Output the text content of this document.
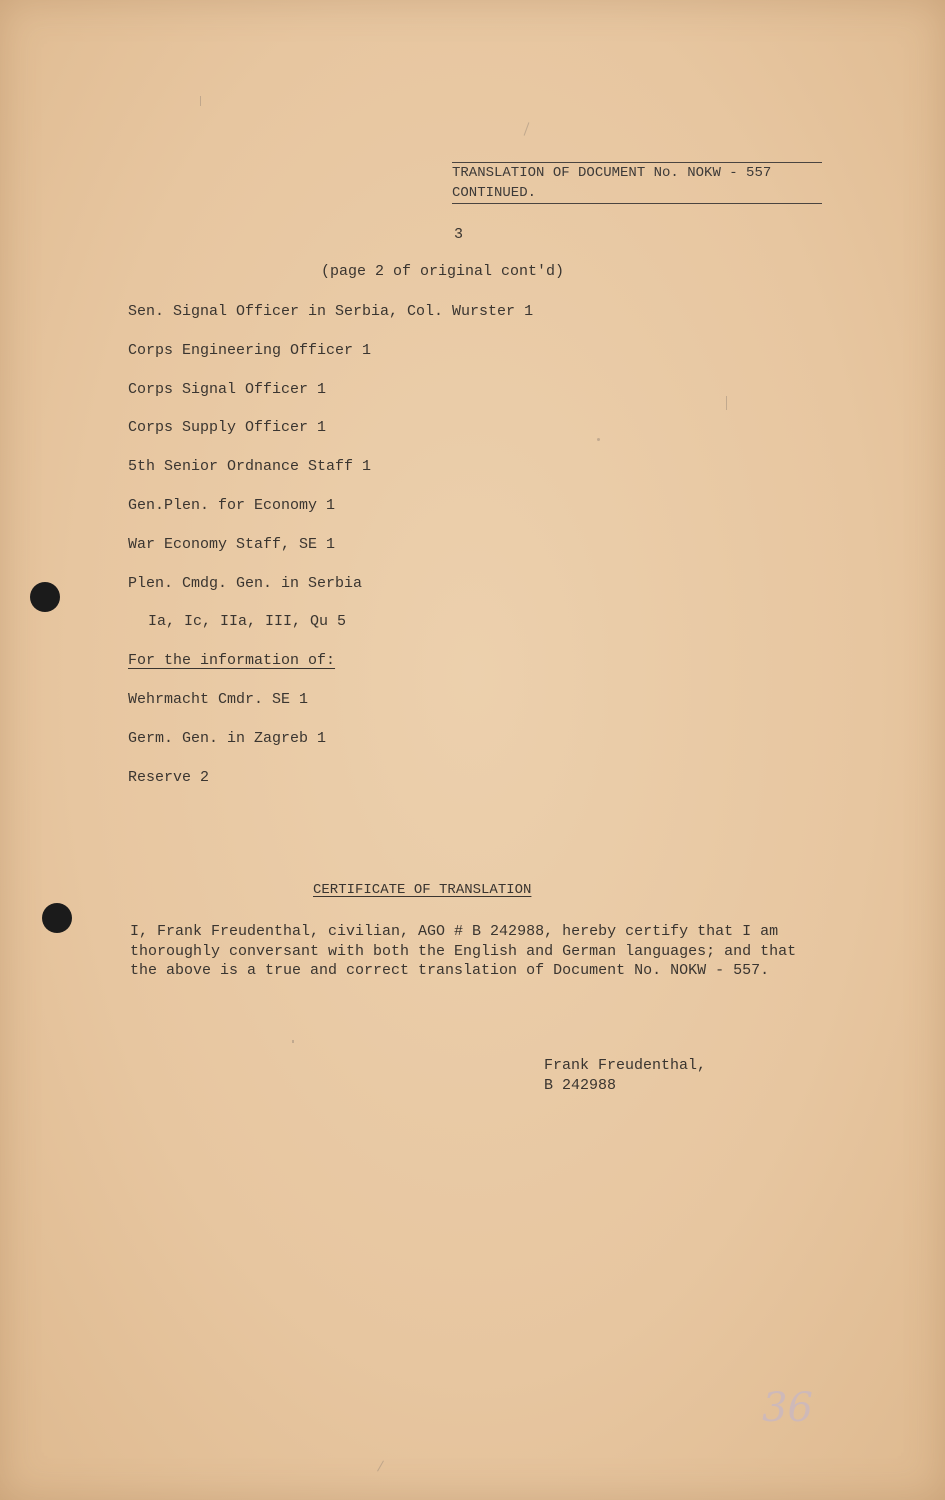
TRANSLATION OF DOCUMENT No. NOKW - 557
CONTINUED.
3
(page 2 of original cont'd)
Sen. Signal Officer in Serbia, Col. Wurster 1
Corps Engineering Officer 1
Corps Signal Officer 1
Corps Supply Officer 1
5th Senior Ordnance Staff 1
Gen.Plen. for Economy 1
War Economy Staff, SE 1
Plen. Cmdg. Gen. in Serbia
Ia, Ic, IIa, III, Qu 5
For the information of:
Wehrmacht Cmdr. SE 1
Germ. Gen. in Zagreb 1
Reserve 2
CERTIFICATE OF TRANSLATION
I, Frank Freudenthal, civilian, AGO # B 242988, hereby certify that I am
thoroughly conversant with both the English and German languages; and that
the above is a true and correct translation of Document No. NOKW - 557.
Frank Freudenthal,
B 242988
36
